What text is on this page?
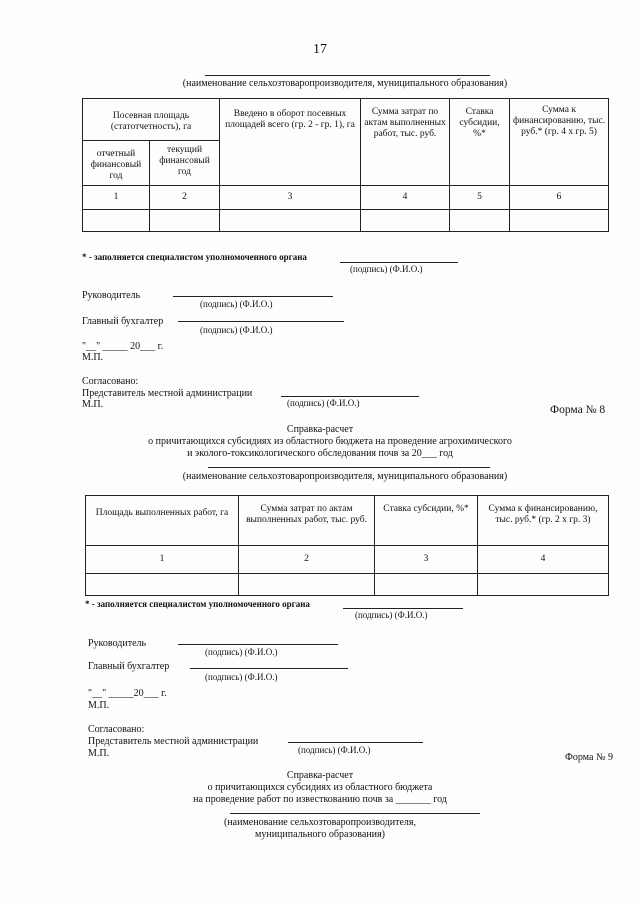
17
(наименование сельхозтоваропроизводителя, муниципального образования)
Посевная площадь (статотчетность), га		Введено в оборот посевных площадей всего (гр. 2 - гр. 1), га	Сумма затрат по актам выполненных работ, тыс. руб.	Ставка субсидии, %*	Сумма к финансированию, тыс. руб.* (гр. 4 х гр. 5)
отчетный финансовый год	текущий финансовый год				
1	2	3	4	5	6

* - заполняется специалистом уполномоченного органа
(подпись) (Ф.И.О.)
Руководитель
(подпись) (Ф.И.О.)
Главный бухгалтер
(подпись) (Ф.И.О.)
"__" _____ 20___ г.
М.П.
Согласовано:
Представитель местной администрации
М.П.	(подпись) (Ф.И.О.)
Форма № 8
Справка-расчет
о причитающихся субсидиях из областного бюджета на проведение агрохимического
и эколого-токсикологического обследования почв за 20___ год
(наименование сельхозтоваропроизводителя, муниципального образования)
Площадь выполненных работ, га	Сумма затрат по актам выполненных работ, тыс. руб.	Ставка субсидии, %*	Сумма к финансированию, тыс. руб.* (гр. 2 х гр. 3)
1	2	3	4

* - заполняется специалистом уполномоченного органа
(подпись) (Ф.И.О.)
Руководитель
(подпись) (Ф.И.О.)
Главный бухгалтер
(подпись) (Ф.И.О.)
"__" _____20___ г.
М.П.
Согласовано:
Представитель местной администрации
М.П.	(подпись) (Ф.И.О.)
Форма № 9
Справка-расчет
о причитающихся субсидиях из областного бюджета
на проведение работ по известкованию почв за _______ год
(наименование сельхозтоваропроизводителя,
муниципального образования)
